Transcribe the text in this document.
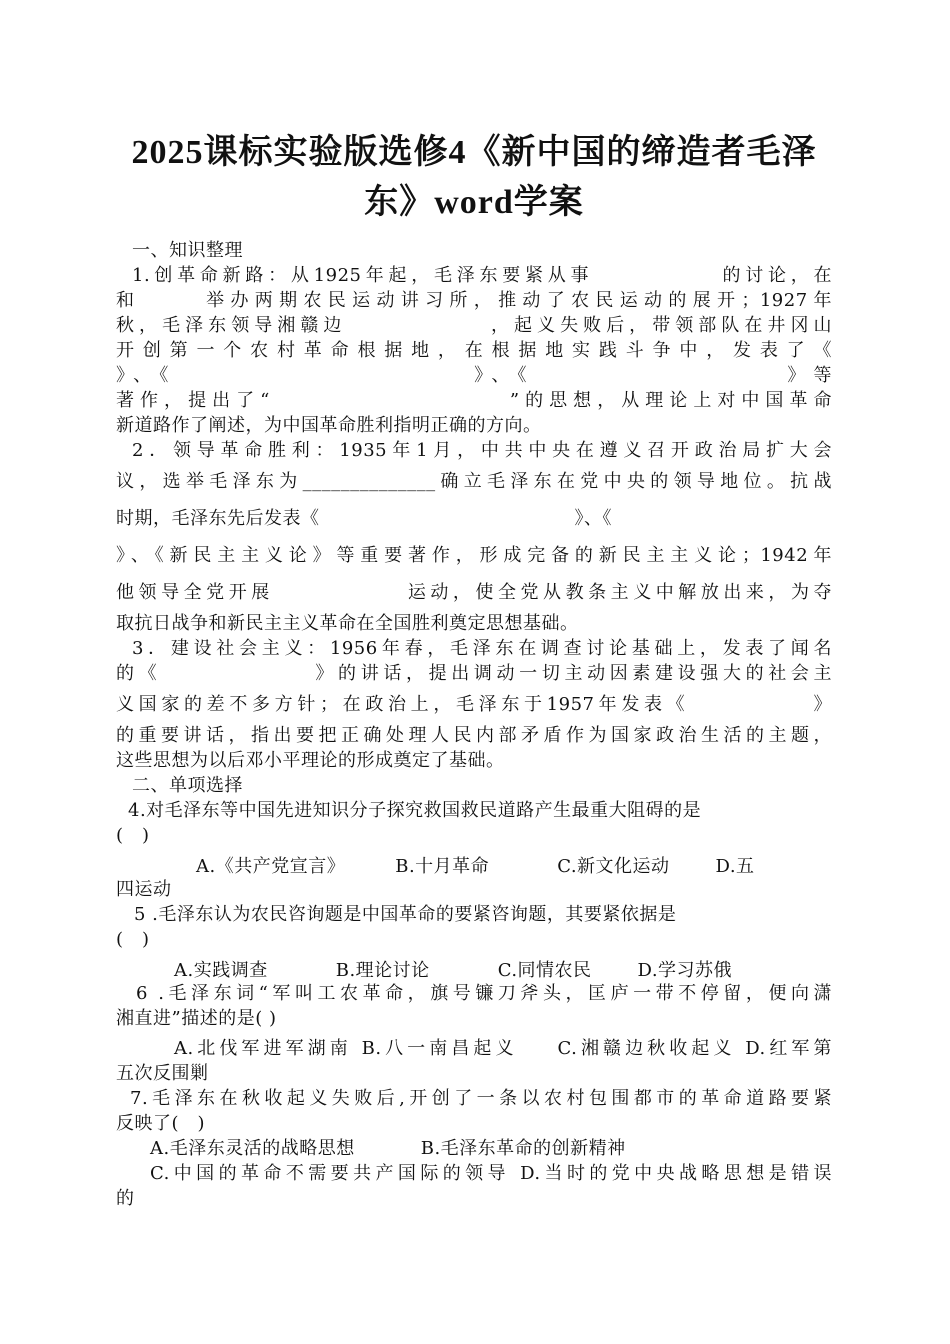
2025课标实验版选修4《新中国的缔造者毛泽
东》word学案
一、知识整理
1.创革命新路：从1925年起，毛泽东要紧从事	的讨论，在
和	举办两期农民运动讲习所，推动了农民运动的展开；1927年
秋，毛泽东领导湘赣边	，起义失败后，带领部队在井冈山
开创第一个农村革命根据地，在根据地实践斗争中，发表了《
》、《	》、《	》等
著作，提出了“	”的思想，从理论上对中国革命
新道路作了阐述，为中国革命胜利指明正确的方向。
2．领导革命胜利：1935年1月，中共中央在遵义召开政治局扩大会
议，选举毛泽东为______________确立毛泽东在党中央的领导地位。抗战
时期，毛泽东先后发表《	》、《
》、《新民主主义论》等重要著作，形成完备的新民主主义论；1942年
他领导全党开展	运动，使全党从教条主义中解放出来，为夺
取抗日战争和新民主主义革命在全国胜利奠定思想基础。
3．建设社会主义：1956年春，毛泽东在调查讨论基础上，发表了闻名
的《	》的讲话，提出调动一切主动因素建设强大的社会主
义国家的差不多方针；在政治上，毛泽东于1957年发表《	》
的重要讲话，指出要把正确处理人民内部矛盾作为国家政治生活的主题，
这些思想为以后邓小平理论的形成奠定了基础。
二、单项选择
4.对毛泽东等中国先进知识分子探究救国救民道路产生最重大阻碍的是
(　)
A.《共产党宣言》	B.十月革命	C.新文化运动	D.五
四运动
5 .毛泽东认为农民咨询题是中国革命的要紧咨询题，其要紧依据是
(　)
A.实践调查	B.理论讨论	C.同情农民	D.学习苏俄
6 .毛泽东词“军叫工农革命，旗号镰刀斧头，匡庐一带不停留，便向潇
湘直进”描述的是( )
A.北伐军进军湖南 B.八一南昌起义 C.湘赣边秋收起义 D.红军第
五次反围剿
7.毛泽东在秋收起义失败后,开创了一条以农村包围都市的革命道路要紧
反映了(　)
A.毛泽东灵活的战略思想	B.毛泽东革命的创新精神
C.中国的革命不需要共产国际的领导 D.当时的党中央战略思想是错误
的
